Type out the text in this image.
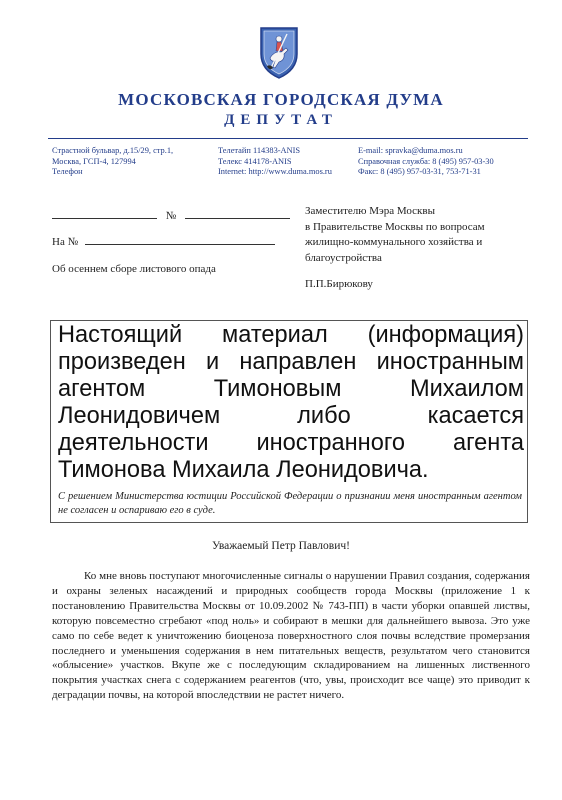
МОСКОВСКАЯ ГОРОДСКАЯ ДУМА
ДЕПУТАТ
Страстной бульвар, д.15/29, стр.1,
Москва, ГСП-4, 127994
Телефон
Телетайп 114383-ANIS
Телекс 414178-ANIS
Internet: http://www.duma.mos.ru
E-mail: spravka@duma.mos.ru
Справочная служба: 8 (495) 957-03-30
Факс: 8 (495) 957-03-31, 753-71-31
№
На №
Об осеннем сборе листового опада
Заместителю Мэра Москвы
в Правительстве Москвы по вопросам
жилищно-коммунального хозяйства и
благоустройства
П.П.Бирюкову
Настоящий материал (информация) произведен и направлен иностранным агентом Тимоновым Михаилом Леонидовичем либо касается деятельности иностранного агента Тимонова Михаила Леонидовича.
С решением Министерства юстиции Российской Федерации о признании меня иностранным агентом не согласен и оспариваю его в суде.
Уважаемый Петр Павлович!
Ко мне вновь поступают многочисленные сигналы о нарушении Правил создания, содержания и охраны зеленых насаждений и природных сообществ города Москвы (приложение 1 к постановлению Правительства Москвы от 10.09.2002 № 743-ПП) в части уборки опавшей листвы, которую повсеместно сгребают «под ноль» и собирают в мешки для дальнейшего вывоза. Это уже само по себе ведет к уничтожению биоценоза поверхностного слоя почвы вследствие промерзания последнего и уменьшения содержания в нем питательных веществ, результатом чего становится «облысение» участков. Вкупе же с последующим складированием на лишенных лиственного покрытия участках снега с содержанием реагентов (что, увы, происходит все чаще) это приводит к деградации почвы, на которой впоследствии не растет ничего.
